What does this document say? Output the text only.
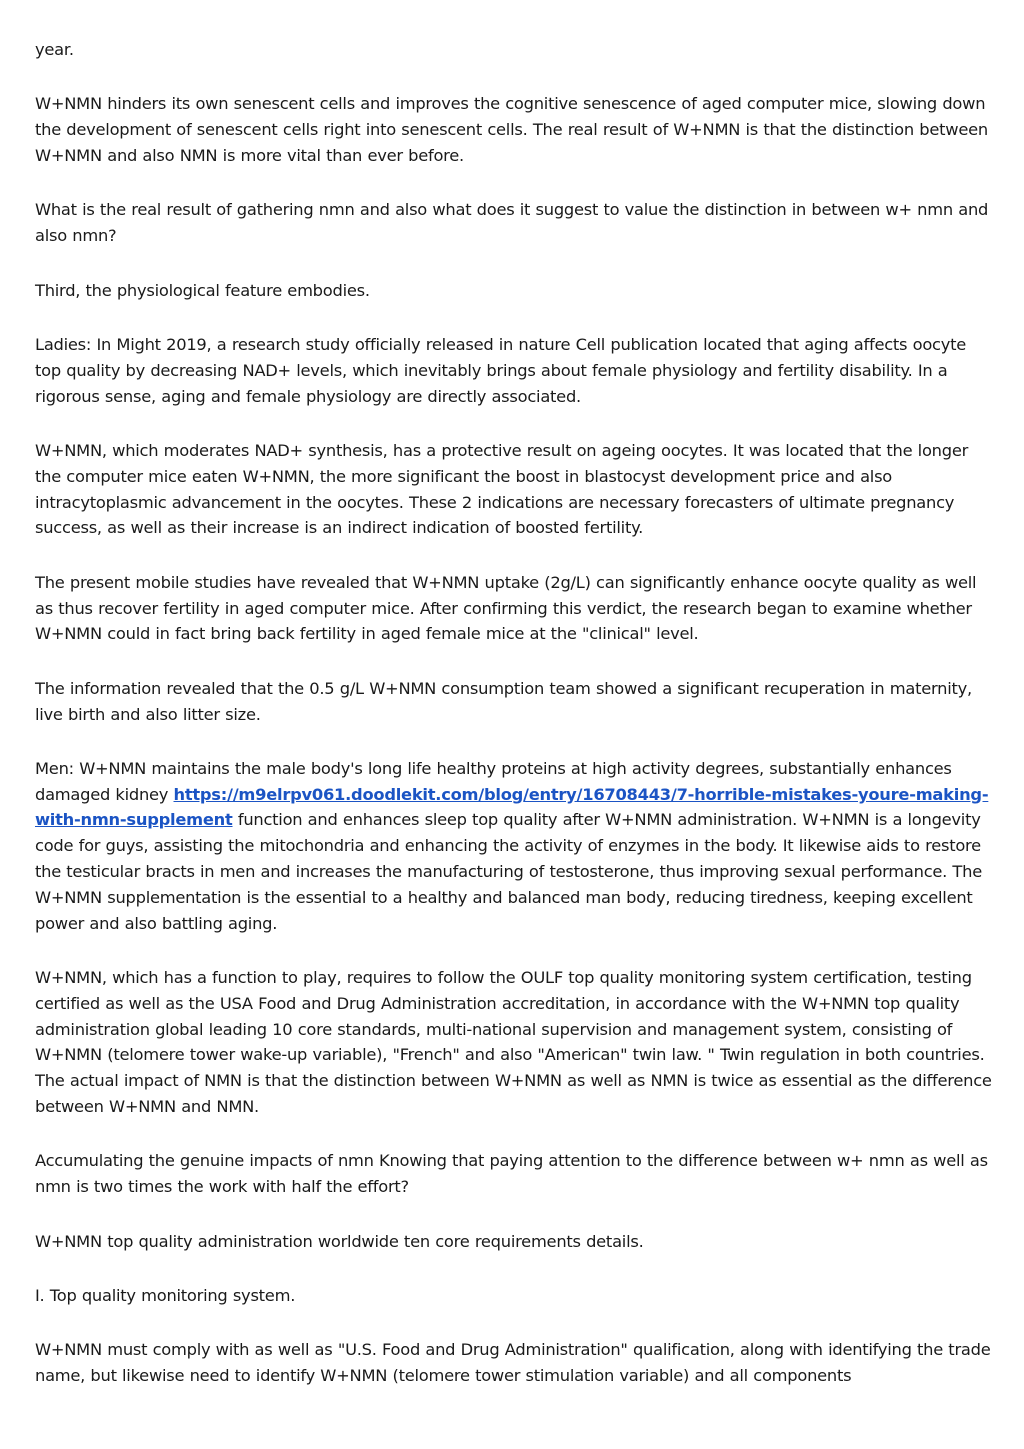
year.

W+NMN hinders its own senescent cells and improves the cognitive senescence of aged computer mice, slowing down the development of senescent cells right into senescent cells. The real result of W+NMN is that the distinction between W+NMN and also NMN is more vital than ever before.

What is the real result of gathering nmn and also what does it suggest to value the distinction in between w+ nmn and also nmn?

Third, the physiological feature embodies.

Ladies: In Might 2019, a research study officially released in nature Cell publication located that aging affects oocyte top quality by decreasing NAD+ levels, which inevitably brings about female physiology and fertility disability. In a rigorous sense, aging and female physiology are directly associated.

W+NMN, which moderates NAD+ synthesis, has a protective result on ageing oocytes. It was located that the longer the computer mice eaten W+NMN, the more significant the boost in blastocyst development price and also intracytoplasmic advancement in the oocytes. These 2 indications are necessary forecasters of ultimate pregnancy success, as well as their increase is an indirect indication of boosted fertility.

The present mobile studies have revealed that W+NMN uptake (2g/L) can significantly enhance oocyte quality as well as thus recover fertility in aged computer mice. After confirming this verdict, the research began to examine whether W+NMN could in fact bring back fertility in aged female mice at the "clinical" level.

The information revealed that the 0.5 g/L W+NMN consumption team showed a significant recuperation in maternity, live birth and also litter size.

Men: W+NMN maintains the male body's long life healthy proteins at high activity degrees, substantially enhances damaged kidney https://m9elrpv061.doodlekit.com/blog/entry/16708443/7-horrible-mistakes-youre-making-with-nmn-supplement function and enhances sleep top quality after W+NMN administration. W+NMN is a longevity code for guys, assisting the mitochondria and enhancing the activity of enzymes in the body. It likewise aids to restore the testicular bracts in men and increases the manufacturing of testosterone, thus improving sexual performance. The W+NMN supplementation is the essential to a healthy and balanced man body, reducing tiredness, keeping excellent power and also battling aging.

W+NMN, which has a function to play, requires to follow the OULF top quality monitoring system certification, testing certified as well as the USA Food and Drug Administration accreditation, in accordance with the W+NMN top quality administration global leading 10 core standards, multi-national supervision and management system, consisting of W+NMN (telomere tower wake-up variable), "French" and also "American" twin law. " Twin regulation in both countries. The actual impact of NMN is that the distinction between W+NMN as well as NMN is twice as essential as the difference between W+NMN and NMN.

Accumulating the genuine impacts of nmn Knowing that paying attention to the difference between w+ nmn as well as nmn is two times the work with half the effort?

W+NMN top quality administration worldwide ten core requirements details.

I. Top quality monitoring system.

W+NMN must comply with as well as "U.S. Food and Drug Administration" qualification, along with identifying the trade name, but likewise need to identify W+NMN (telomere tower stimulation variable) and all components
